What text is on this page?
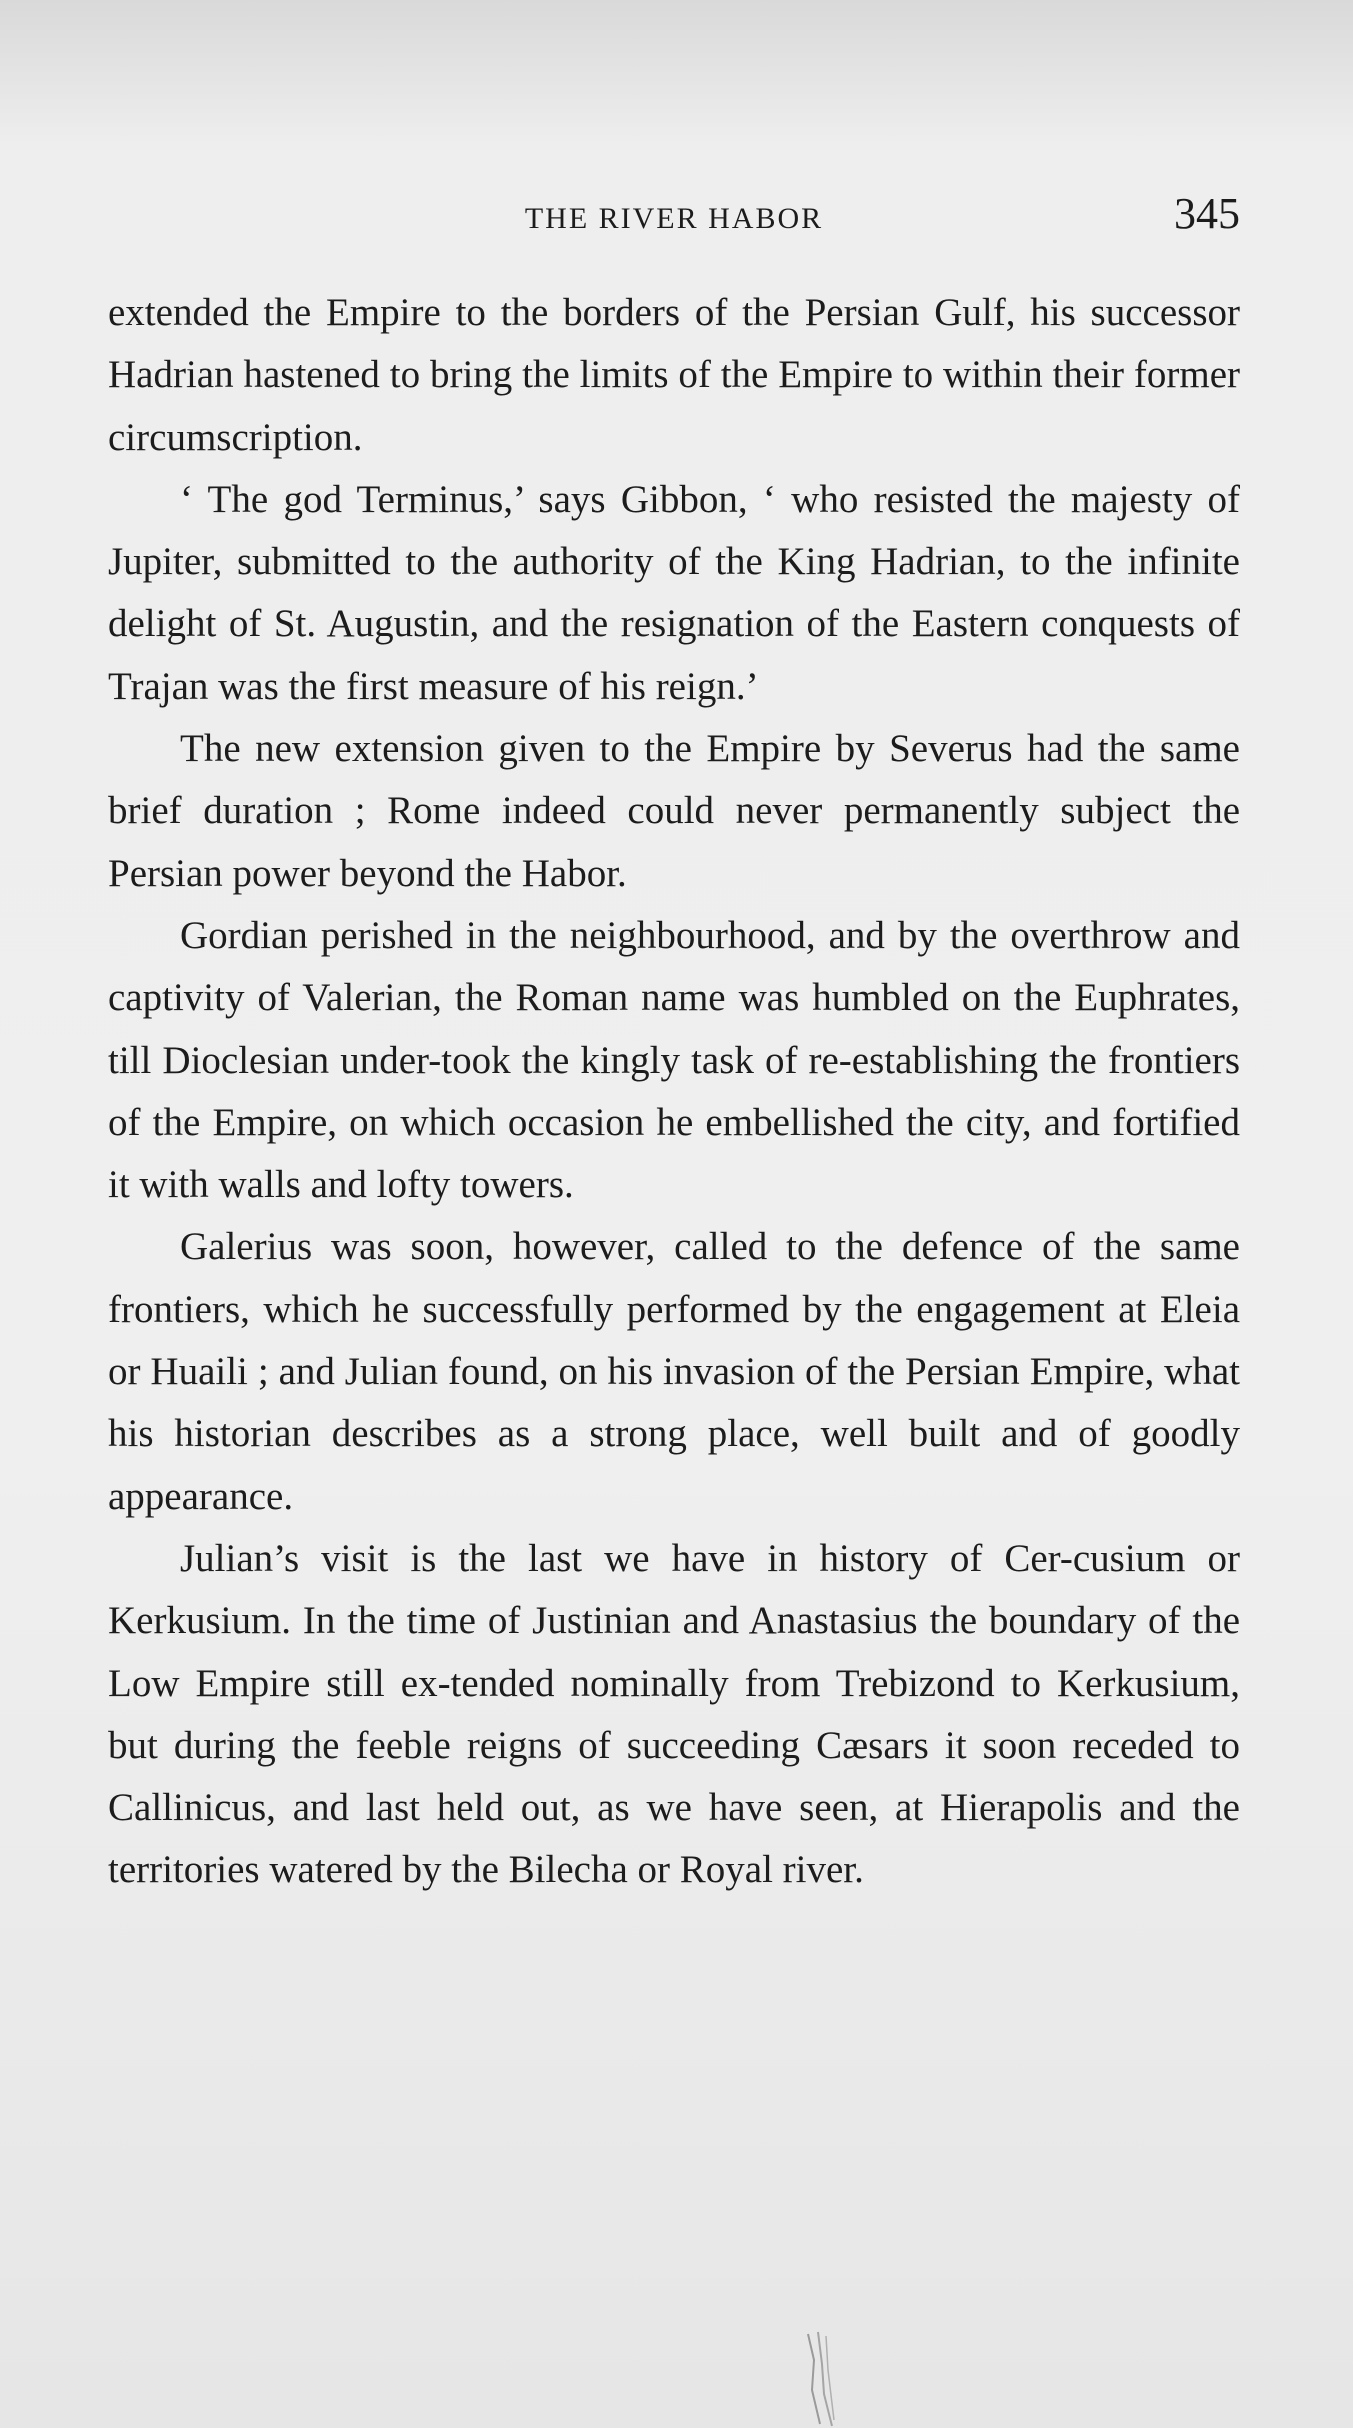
THE RIVER HABOR	345

extended the Empire to the borders of the Persian Gulf, his successor Hadrian hastened to bring the limits of the Empire to within their former circumscription.

‘ The god Terminus,’ says Gibbon, ‘ who resisted the majesty of Jupiter, submitted to the authority of the King Hadrian, to the infinite delight of St. Augustin, and the resignation of the Eastern conquests of Trajan was the first measure of his reign.’

The new extension given to the Empire by Severus had the same brief duration ; Rome indeed could never permanently subject the Persian power beyond the Habor.

Gordian perished in the neighbourhood, and by the overthrow and captivity of Valerian, the Roman name was humbled on the Euphrates, till Dioclesian under-took the kingly task of re-establishing the frontiers of the Empire, on which occasion he embellished the city, and fortified it with walls and lofty towers.

Galerius was soon, however, called to the defence of the same frontiers, which he successfully performed by the engagement at Eleia or Huaili ; and Julian found, on his invasion of the Persian Empire, what his historian describes as a strong place, well built and of goodly appearance.

Julian’s visit is the last we have in history of Cer-cusium or Kerkusium. In the time of Justinian and Anastasius the boundary of the Low Empire still ex-tended nominally from Trebizond to Kerkusium, but during the feeble reigns of succeeding Cæsars it soon receded to Callinicus, and last held out, as we have seen, at Hierapolis and the territories watered by the Bilecha or Royal river.
